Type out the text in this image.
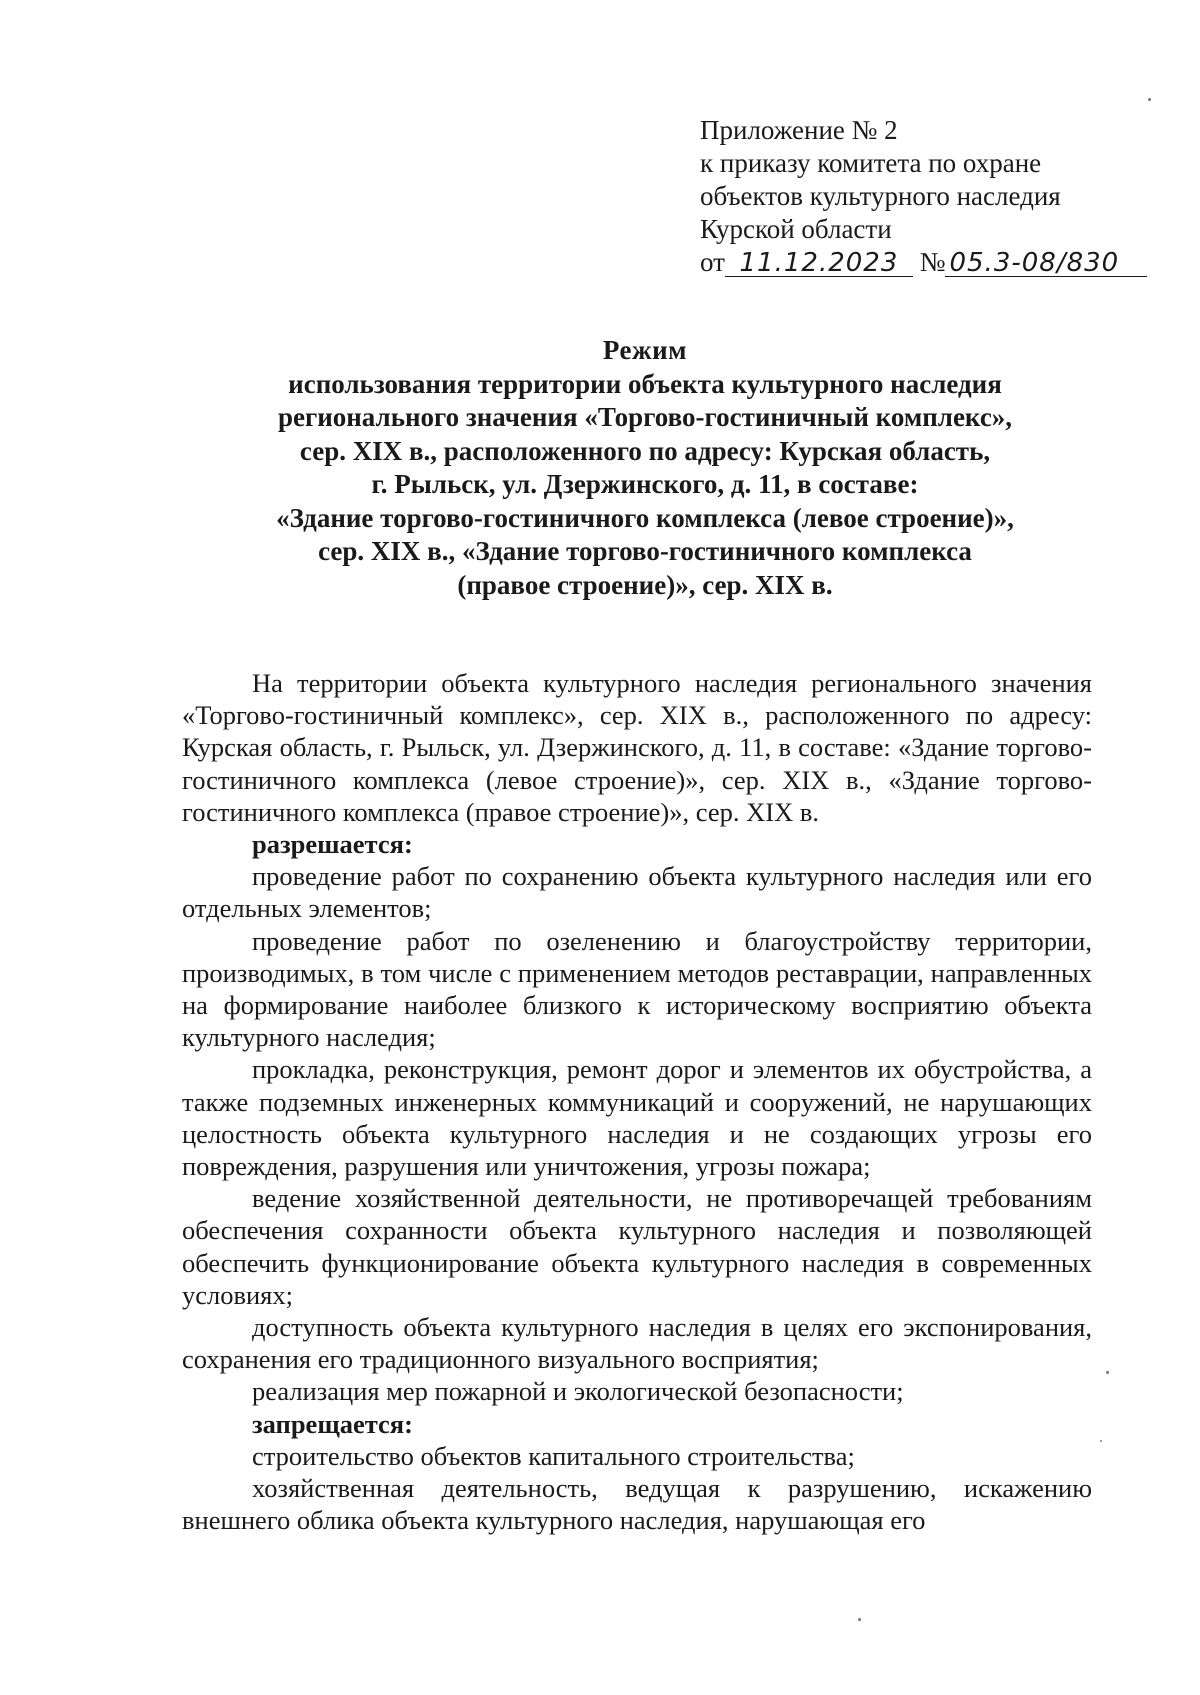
Приложение № 2
к приказу комитета по охране
объектов культурного наследия
Курской области
от 11.12.2023 № 05.3-08/830
Режим
использования территории объекта культурного наследия
регионального значения «Торгово-гостиничный комплекс»,
сер. XIX в., расположенного по адресу: Курская область,
г. Рыльск, ул. Дзержинского, д. 11, в составе:
«Здание торгово-гостиничного комплекса (левое строение)»,
сер. XIX в., «Здание торгово-гостиничного комплекса
(правое строение)», сер. XIX в.

На территории объекта культурного наследия регионального значения «Торгово-гостиничный комплекс», сер. XIX в., расположенного по адресу: Курская область, г. Рыльск, ул. Дзержинского, д. 11, в составе: «Здание торгово-гостиничного комплекса (левое строение)», сер. XIX в., «Здание торгово-гостиничного комплекса (правое строение)», сер. XIX в.

разрешается:

проведение работ по сохранению объекта культурного наследия или его отдельных элементов;

проведение работ по озеленению и благоустройству территории, производимых, в том числе с применением методов реставрации, направленных на формирование наиболее близкого к историческому восприятию объекта культурного наследия;

прокладка, реконструкция, ремонт дорог и элементов их обустройства, а также подземных инженерных коммуникаций и сооружений, не нарушающих целостность объекта культурного наследия и не создающих угрозы его повреждения, разрушения или уничтожения, угрозы пожара;

ведение хозяйственной деятельности, не противоречащей требованиям обеспечения сохранности объекта культурного наследия и позволяющей обеспечить функционирование объекта культурного наследия в современных условиях;

доступность объекта культурного наследия в целях его экспонирования, сохранения его традиционного визуального восприятия;

реализация мер пожарной и экологической безопасности;

запрещается:

строительство объектов капитального строительства;

хозяйственная деятельность, ведущая к разрушению, искажению внешнего облика объекта культурного наследия, нарушающая его
